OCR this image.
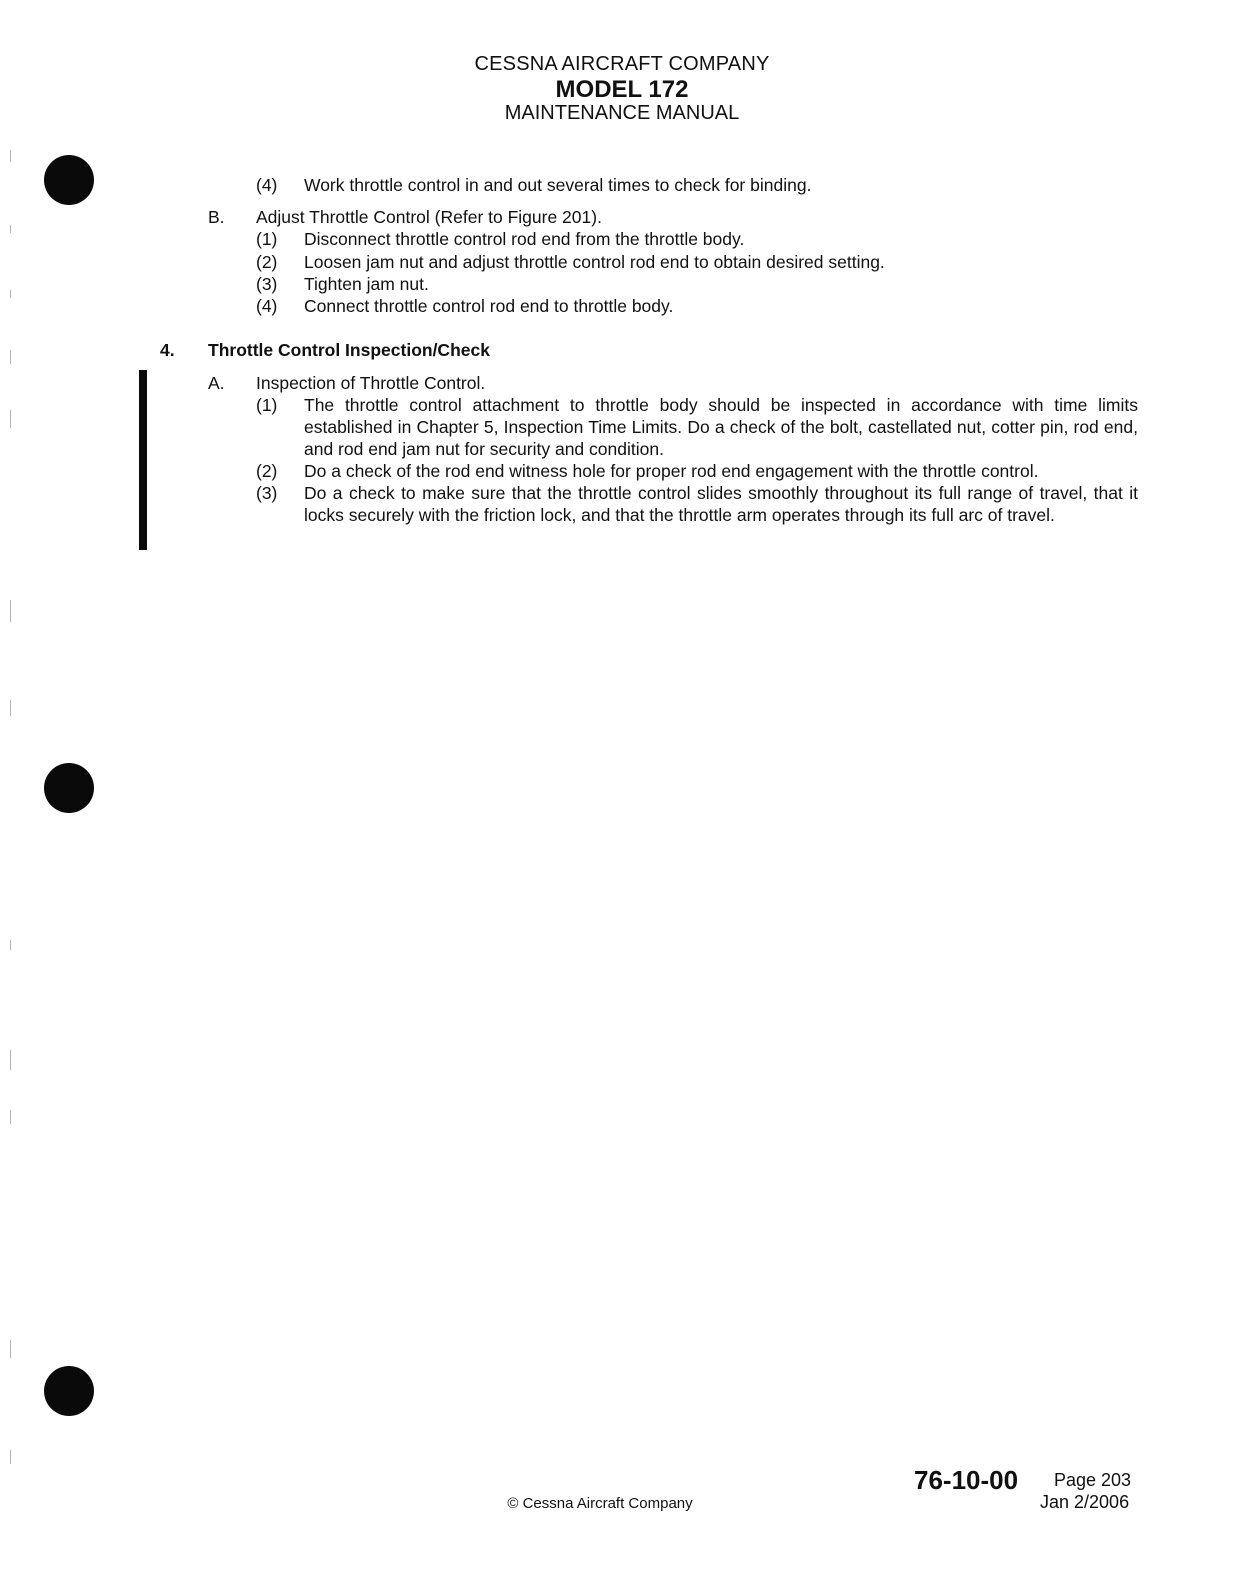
CESSNA AIRCRAFT COMPANY
MODEL 172
MAINTENANCE MANUAL
(4) Work throttle control in and out several times to check for binding.
B. Adjust Throttle Control (Refer to Figure 201).
(1) Disconnect throttle control rod end from the throttle body.
(2) Loosen jam nut and adjust throttle control rod end to obtain desired setting.
(3) Tighten jam nut.
(4) Connect throttle control rod end to throttle body.
4. Throttle Control Inspection/Check
A. Inspection of Throttle Control.
(1) The throttle control attachment to throttle body should be inspected in accordance with time limits established in Chapter 5, Inspection Time Limits. Do a check of the bolt, castellated nut, cotter pin, rod end, and rod end jam nut for security and condition.
(2) Do a check of the rod end witness hole for proper rod end engagement with the throttle control.
(3) Do a check to make sure that the throttle control slides smoothly throughout its full range of travel, that it locks securely with the friction lock, and that the throttle arm operates through its full arc of travel.
76-10-00 Page 203
Jan 2/2006
© Cessna Aircraft Company
